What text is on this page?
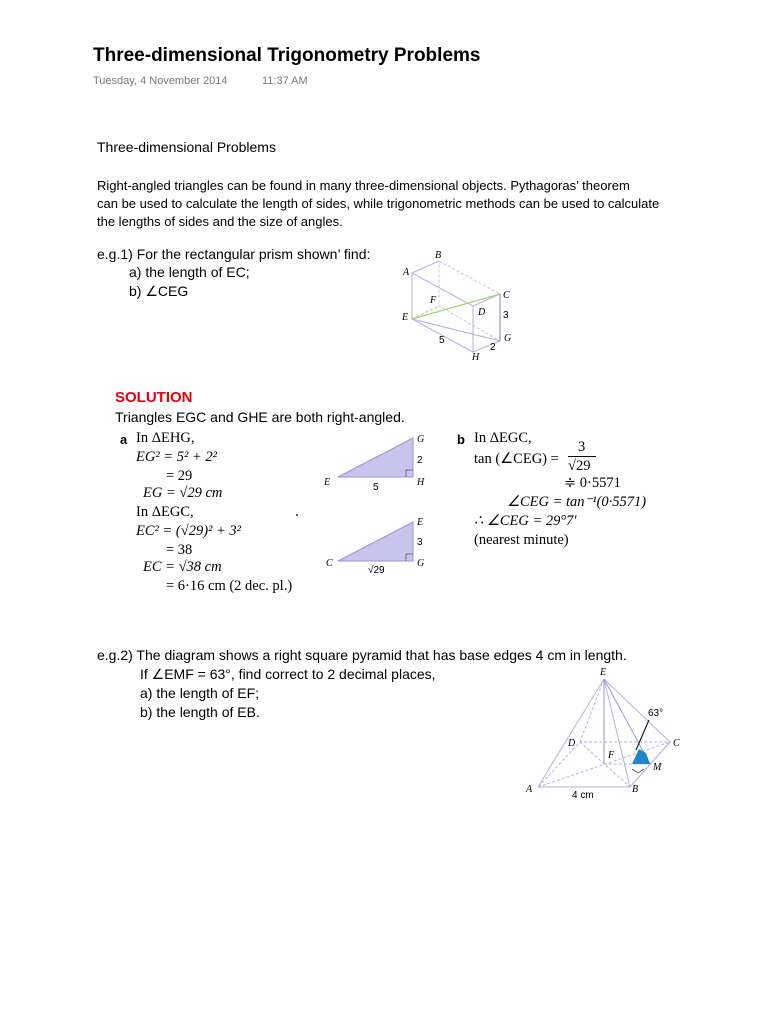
Three-dimensional Trigonometry Problems
Tuesday, 4 November 2014	11:37 AM
Three-dimensional Problems
Right-angled triangles can be found in many three-dimensional objects. Pythagoras’ theorem
can be used to calculate the length of sides, while trigonometric methods can be used to calculate
the lengths of sides and the size of angles.
e.g.1) For the rectangular prism shown’ find:
a) the length of EC;
b) ∠CEG
A
B
C
D
E
F
G
H
3
2
5
SOLUTION
Triangles EGC and GHE are both right-angled.
a In ΔEHG,
EG² = 5² + 2²
= 29
EG = √29 cm
In ΔEGC,
EC² = (√29)² + 3²
= 38
EC = √38 cm
= 6·16 cm (2 dec. pl.)
G
E	H
2
5
E
C	G
3
√29
b In ΔEGC,
tan (∠CEG) =
3
√29
≑ 0·5571
∠CEG = tan⁻¹(0·5571)
∴ ∠CEG = 29°7′
(nearest minute)
e.g.2) The diagram shows a right square pyramid that has base edges 4 cm in length.
If ∠EMF = 63°, find correct to 2 decimal places,
a) the length of EF;
b) the length of EB.
E
D	C
F
M
A	B
63°
4 cm
